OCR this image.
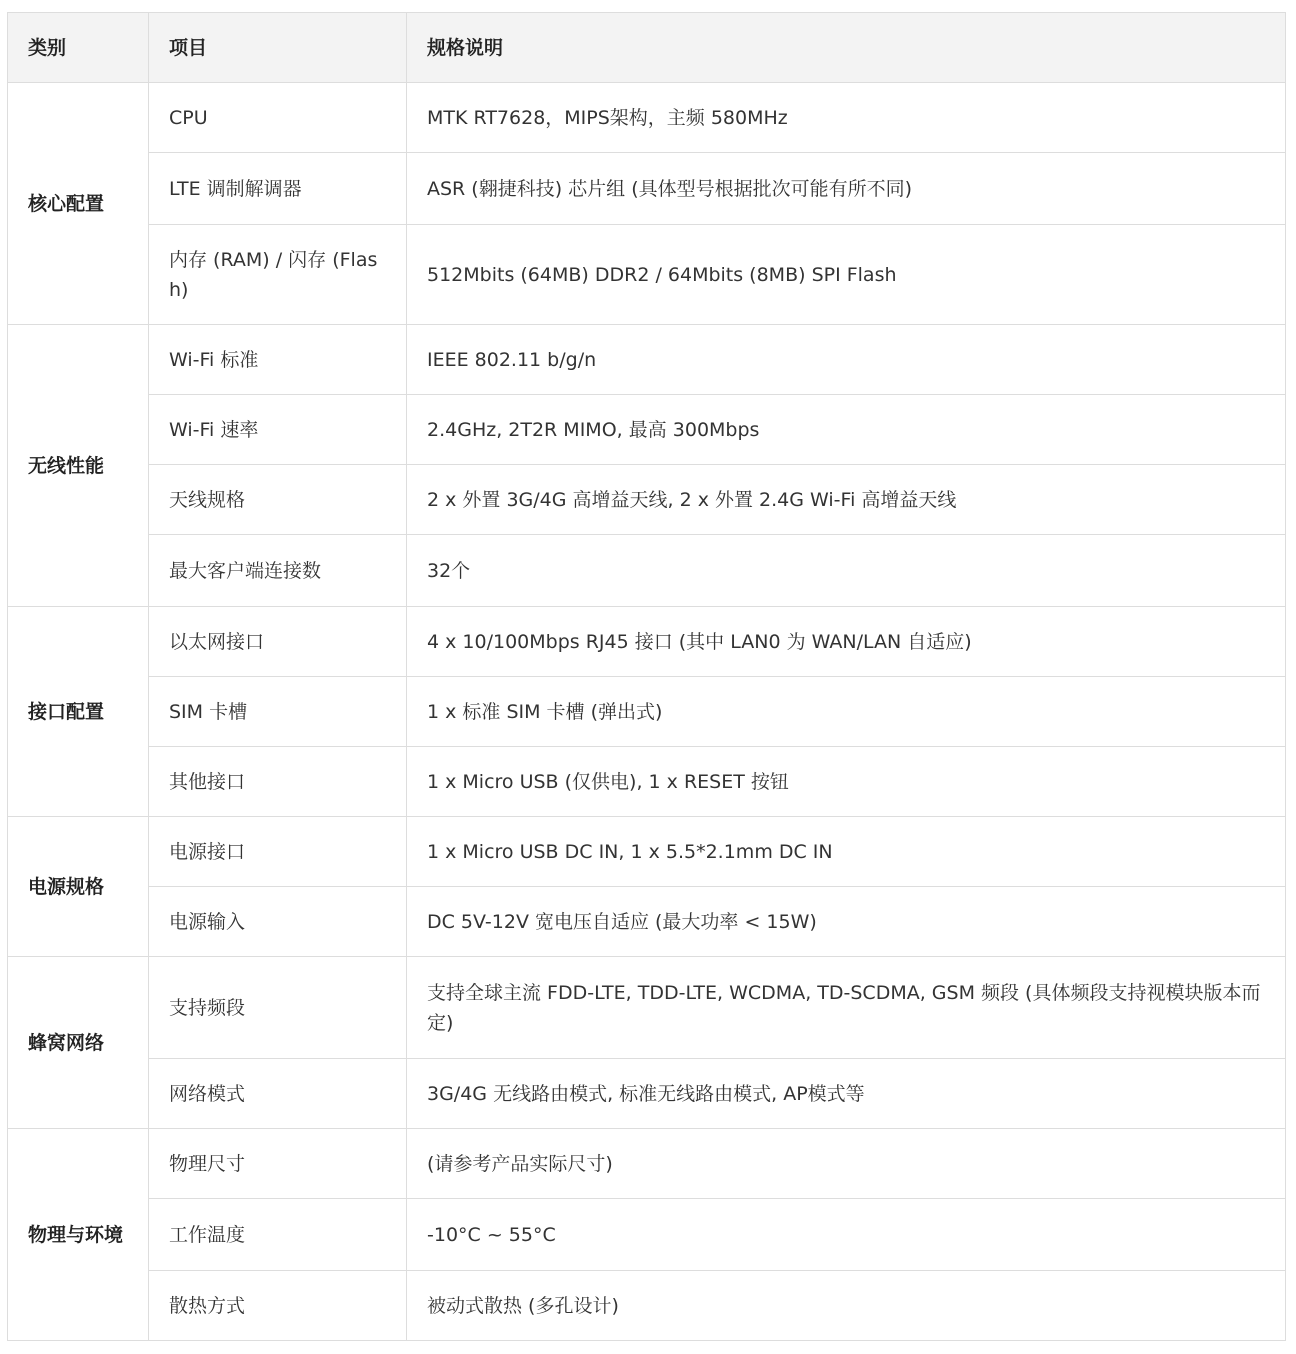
类别	项目	规格说明
核心配置	CPU	MTK RT7628，MIPS架构，主频 580MHz
	LTE 调制解调器	ASR (翱捷科技) 芯片组 (具体型号根据批次可能有所不同)
	内存 (RAM) / 闪存 (Flash)	512Mbits (64MB) DDR2 / 64Mbits (8MB) SPI Flash
无线性能	Wi-Fi 标准	IEEE 802.11 b/g/n
	Wi-Fi 速率	2.4GHz, 2T2R MIMO, 最高 300Mbps
	天线规格	2 x 外置 3G/4G 高增益天线, 2 x 外置 2.4G Wi-Fi 高增益天线
	最大客户端连接数	32个
接口配置	以太网接口	4 x 10/100Mbps RJ45 接口 (其中 LAN0 为 WAN/LAN 自适应)
	SIM 卡槽	1 x 标准 SIM 卡槽 (弹出式)
	其他接口	1 x Micro USB (仅供电), 1 x RESET 按钮
电源规格	电源接口	1 x Micro USB DC IN, 1 x 5.5*2.1mm DC IN
	电源输入	DC 5V-12V 宽电压自适应 (最大功率 < 15W)
蜂窝网络	支持频段	支持全球主流 FDD-LTE, TDD-LTE, WCDMA, TD-SCDMA, GSM 频段 (具体频段支持视模块版本而定)
	网络模式	3G/4G 无线路由模式, 标准无线路由模式, AP模式等
物理与环境	物理尺寸	(请参考产品实际尺寸)
	工作温度	-10°C ~ 55°C
	散热方式	被动式散热 (多孔设计)
